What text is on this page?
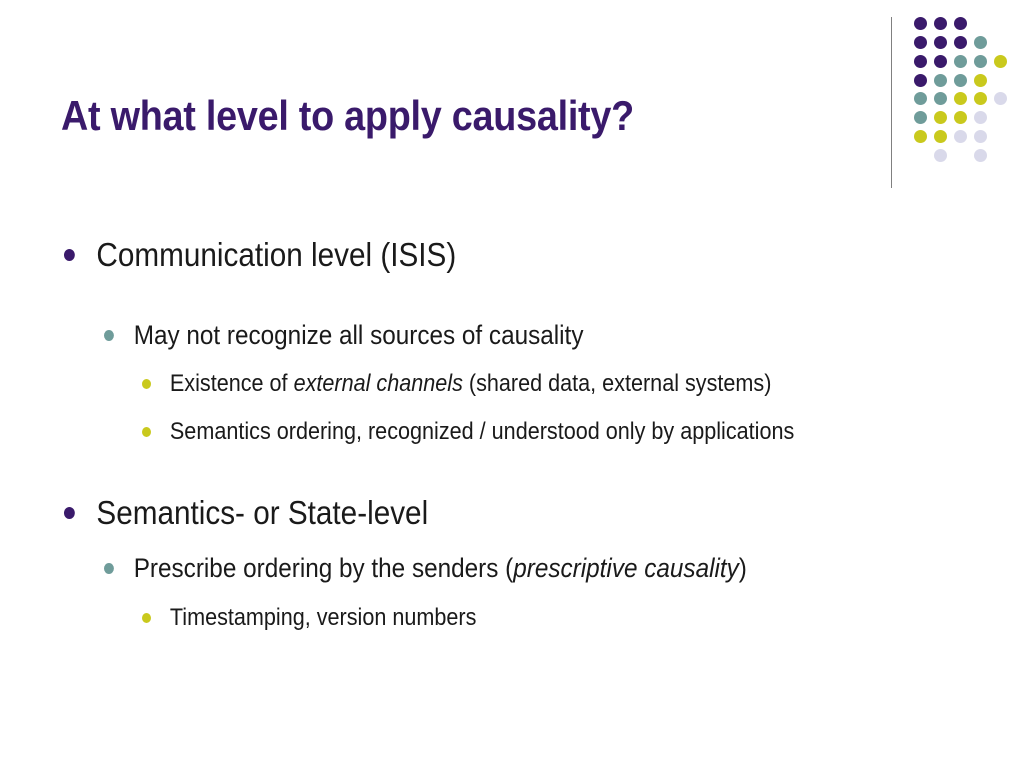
At what level to apply causality?
Communication level (ISIS)
May not recognize all sources of causality
Existence of external channels (shared data, external systems)
Semantics ordering, recognized / understood only by applications
Semantics- or State-level
Prescribe ordering by the senders (prescriptive causality)
Timestamping, version numbers
